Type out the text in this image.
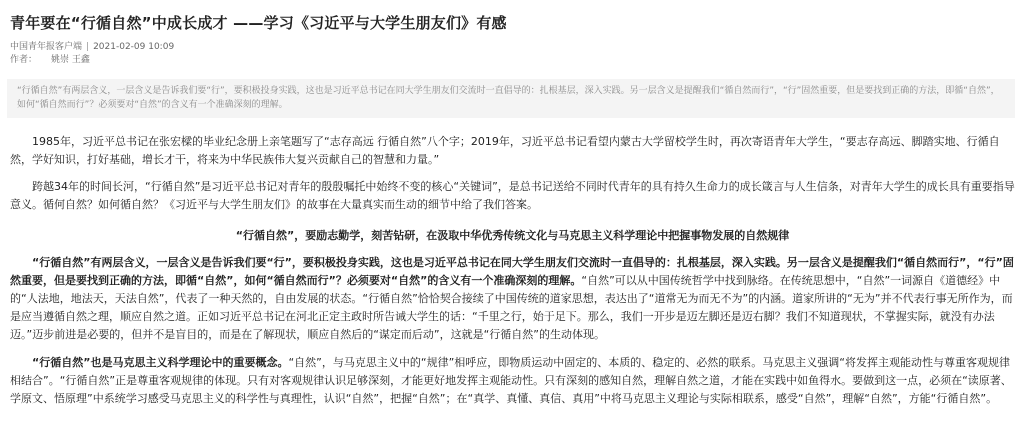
青年要在“行循自然”中成长成才 ——学习《习近平与大学生朋友们》有感
中国青年报客户端 | 2021-02-09 10:09
作者： 姚崇 王鑫
“行循自然”有两层含义，一层含义是告诉我们要“行”，要积极投身实践，这也是习近平总书记在同大学生朋友们交流时一直倡导的：扎根基层，深入实践。另一层含义是提醒我们“循自然而行”，“行”固然重要，但是要找到正确的方法，即循“自然”，如何“循自然而行”？必须要对“自然”的含义有一个准确深刻的理解。

1985年，习近平总书记在张宏樑的毕业纪念册上亲笔题写了“志存高远 行循自然”八个字；2019年，习近平总书记看望内蒙古大学留校学生时，再次寄语青年大学生，“要志存高远、脚踏实地、行循自然，学好知识，打好基础，增长才干，将来为中华民族伟大复兴贡献自己的智慧和力量。”

跨越34年的时间长河，“行循自然”是习近平总书记对青年的殷殷嘱托中始终不变的核心“关键词”，是总书记送给不同时代青年的具有持久生命力的成长箴言与人生信条，对青年大学生的成长具有重要指导意义。循何自然？如何循自然？《习近平与大学生朋友们》的故事在大量真实而生动的细节中给了我们答案。

“行循自然”，要励志勤学，刻苦钻研，在汲取中华优秀传统文化与马克思主义科学理论中把握事物发展的自然规律

“行循自然”有两层含义，一层含义是告诉我们要“行”，要积极投身实践，这也是习近平总书记在同大学生朋友们交流时一直倡导的：扎根基层，深入实践。另一层含义是提醒我们“循自然而行”，“行”固然重要，但是要找到正确的方法，即循“自然”，如何“循自然而行”？必须要对“自然”的含义有一个准确深刻的理解。“自然”可以从中国传统哲学中找到脉络。在传统思想中，“自然”一词源自《道德经》中的“人法地，地法天，天法自然”，代表了一种天然的，自由发展的状态。“行循自然”恰恰契合接续了中国传统的道家思想，表达出了“道常无为而无不为”的内涵。道家所讲的“无为”并不代表行事无所作为，而是应当遵循自然之理，顺应自然之道。正如习近平总书记在河北正定主政时所告诫大学生的话：“千里之行，始于足下。那么，我们一开步是迈左脚还是迈右脚？我们不知道现状，不掌握实际，就没有办法迈。”迈步前进是必要的，但并不是盲目的，而是在了解现状，顺应自然后的“谋定而后动”，这就是“行循自然”的生动体现。

“行循自然”也是马克思主义科学理论中的重要概念。“自然”，与马克思主义中的“规律”相呼应，即物质运动中固定的、本质的、稳定的、必然的联系。马克思主义强调“将发挥主观能动性与尊重客观规律相结合”。“行循自然”正是尊重客观规律的体现。只有对客观规律认识足够深刻，才能更好地发挥主观能动性。只有深刻的感知自然，理解自然之道，才能在实践中如鱼得水。要做到这一点，必须在“读原著、学原文、悟原理”中系统学习感受马克思主义的科学性与真理性，认识“自然”，把握“自然”；在“真学、真懂、真信、真用”中将马克思主义理论与实际相联系，感受“自然”，理解“自然”，方能“行循自然”。
